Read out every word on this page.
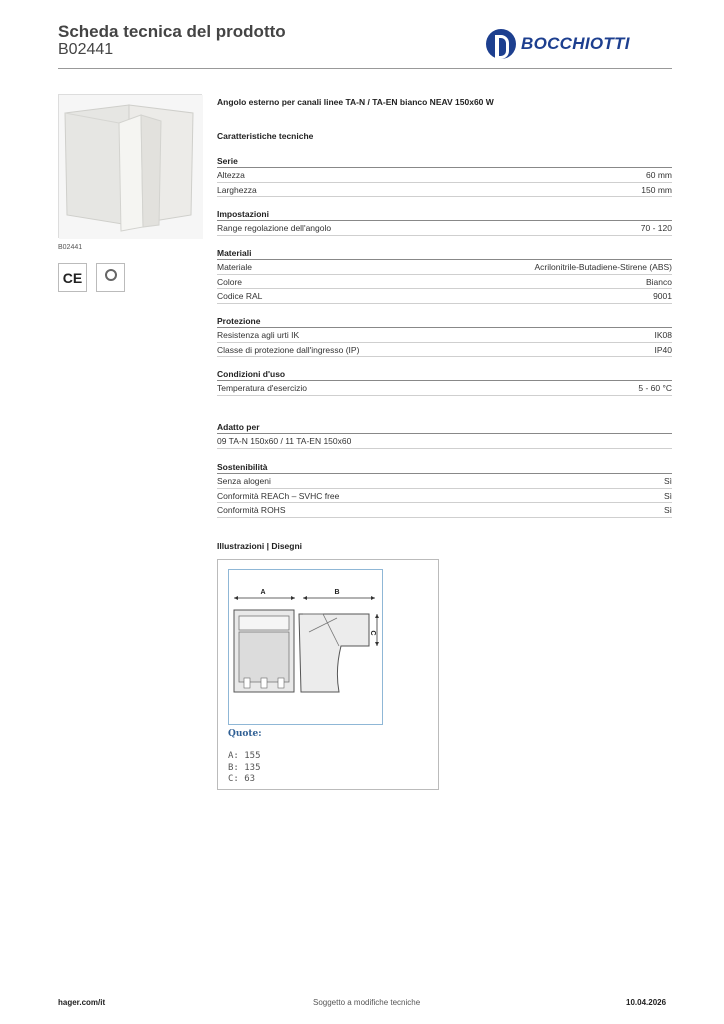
Scheda tecnica del prodotto
B02441	BOCCHIOTTI
B02441
CE
Angolo esterno per canali linee TA-N / TA-EN bianco NEAV 150x60 W
Caratteristiche tecniche
Serie
Altezza	60 mm
Larghezza	150 mm
Impostazioni
Range regolazione dell'angolo	70 - 120
Materiali
Materiale	Acrilonitrile-Butadiene-Stirene (ABS)
Colore	Bianco
Codice RAL	9001
Protezione
Resistenza agli urti IK	IK08
Classe di protezione dall'ingresso (IP)	IP40
Condizioni d'uso
Temperatura d'esercizio	5 - 60 °C
Adatto per
09 TA-N 150x60 / 11 TA-EN 150x60
Sostenibilità
Senza alogeni	Sì
Conformità REACh – SVHC free	Sì
Conformità ROHS	Sì
Illustrazioni | Disegni
A	B
C
Quote:
A: 155
B: 135
C: 63
hager.com/it	Soggetto a modifiche tecniche	10.04.2026
